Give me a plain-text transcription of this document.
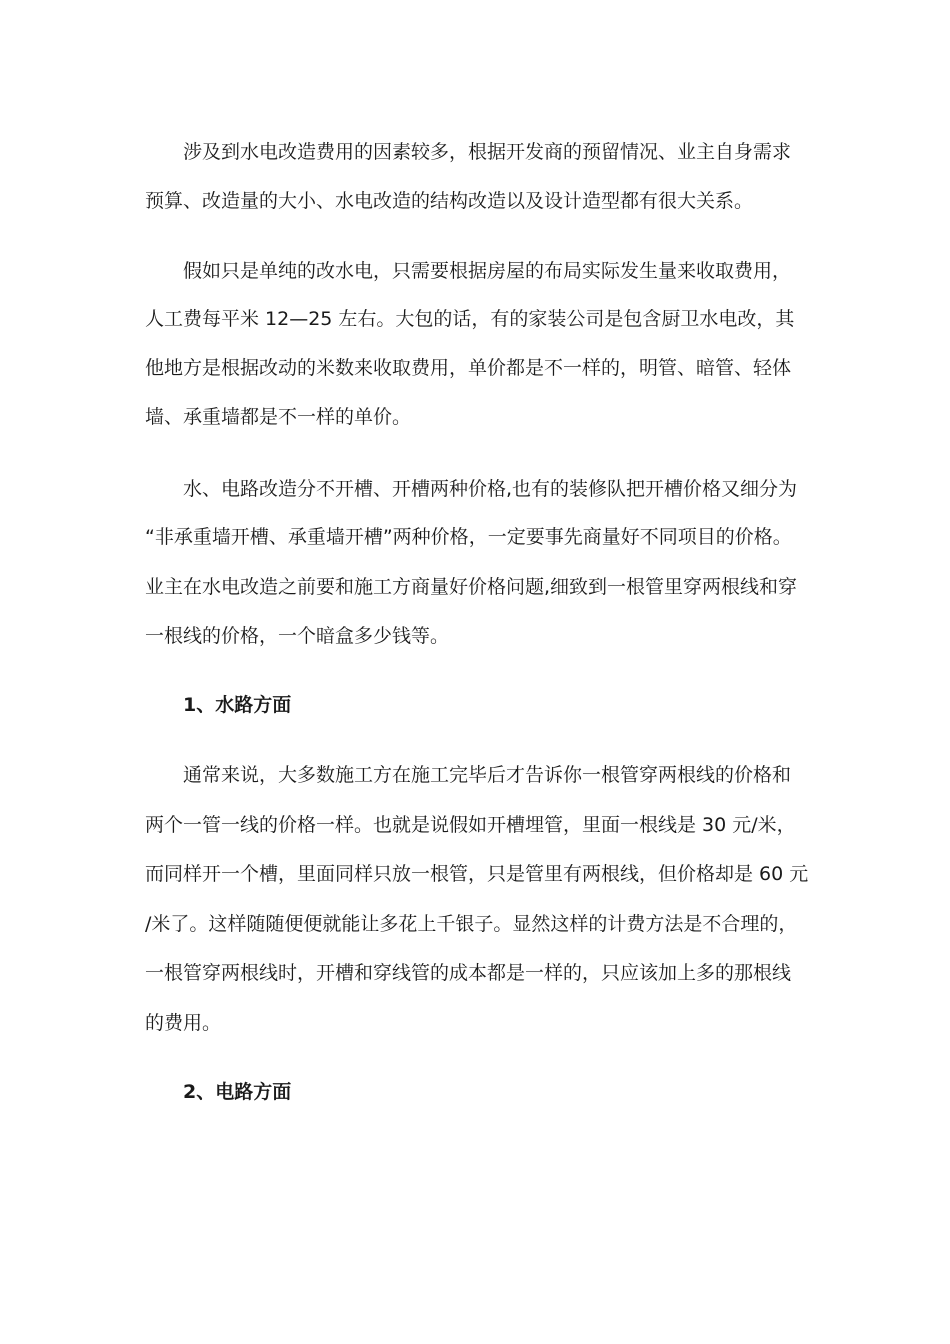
涉及到水电改造费用的因素较多，根据开发商的预留情况、业主自身需求
预算、改造量的大小、水电改造的结构改造以及设计造型都有很大关系。
假如只是单纯的改水电，只需要根据房屋的布局实际发生量来收取费用，
人工费每平米 12—25 左右。大包的话，有的家装公司是包含厨卫水电改，其
他地方是根据改动的米数来收取费用，单价都是不一样的，明管、暗管、轻体
墙、承重墙都是不一样的单价。
水、电路改造分不开槽、开槽两种价格,也有的装修队把开槽价格又细分为
“非承重墙开槽、承重墙开槽”两种价格，一定要事先商量好不同项目的价格。
业主在水电改造之前要和施工方商量好价格问题,细致到一根管里穿两根线和穿
一根线的价格，一个暗盒多少钱等。
1、水路方面
通常来说，大多数施工方在施工完毕后才告诉你一根管穿两根线的价格和
两个一管一线的价格一样。也就是说假如开槽埋管，里面一根线是 30 元/米，
而同样开一个槽，里面同样只放一根管，只是管里有两根线，但价格却是 60 元
/米了。这样随随便便就能让多花上千银子。显然这样的计费方法是不合理的，
一根管穿两根线时，开槽和穿线管的成本都是一样的，只应该加上多的那根线
的费用。
2、电路方面
